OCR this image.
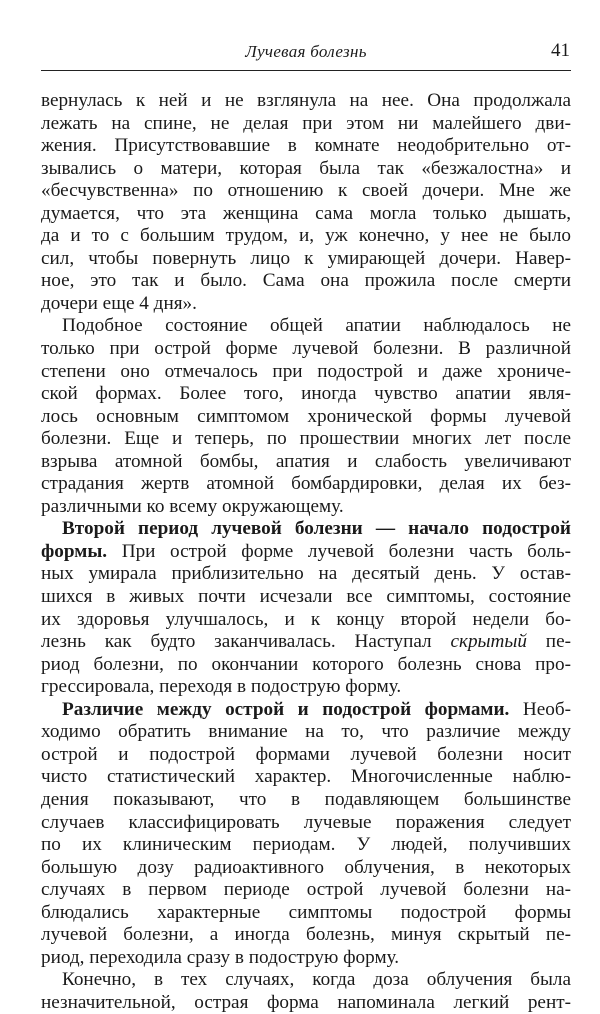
Лучевая болезнь	41
вернулась к ней и не взглянула на нее. Она продолжала
лежать на спине, не делая при этом ни малейшего дви-
жения. Присутствовавшие в комнате неодобрительно от-
зывались о матери, которая была так «безжалостна» и
«бесчувственна» по отношению к своей дочери. Мне же
думается, что эта женщина сама могла только дышать,
да и то с большим трудом, и, уж конечно, у нее не было
сил, чтобы повернуть лицо к умирающей дочери. Навер-
ное, это так и было. Сама она прожила после смерти
дочери еще 4 дня».
Подобное состояние общей апатии наблюдалось не
только при острой форме лучевой болезни. В различной
степени оно отмечалось при подострой и даже хрониче-
ской формах. Более того, иногда чувство апатии явля-
лось основным симптомом хронической формы лучевой
болезни. Еще и теперь, по прошествии многих лет после
взрыва атомной бомбы, апатия и слабость увеличивают
страдания жертв атомной бомбардировки, делая их без-
различными ко всему окружающему.
Второй период лучевой болезни — начало подострой
формы. При острой форме лучевой болезни часть боль-
ных умирала приблизительно на десятый день. У остав-
шихся в живых почти исчезали все симптомы, состояние
их здоровья улучшалось, и к концу второй недели бо-
лезнь как будто заканчивалась. Наступал скрытый пе-
риод болезни, по окончании которого болезнь снова про-
грессировала, переходя в подострую форму.
Различие между острой и подострой формами. Необ-
ходимо обратить внимание на то, что различие между
острой и подострой формами лучевой болезни носит
чисто статистический характер. Многочисленные наблю-
дения показывают, что в подавляющем большинстве
случаев классифицировать лучевые поражения следует
по их клиническим периодам. У людей, получивших
большую дозу радиоактивного облучения, в некоторых
случаях в первом периоде острой лучевой болезни на-
блюдались характерные симптомы подострой формы
лучевой болезни, а иногда болезнь, минуя скрытый пе-
риод, переходила сразу в подострую форму.
Конечно, в тех случаях, когда доза облучения была
незначительной, острая форма напоминала легкий рент-
